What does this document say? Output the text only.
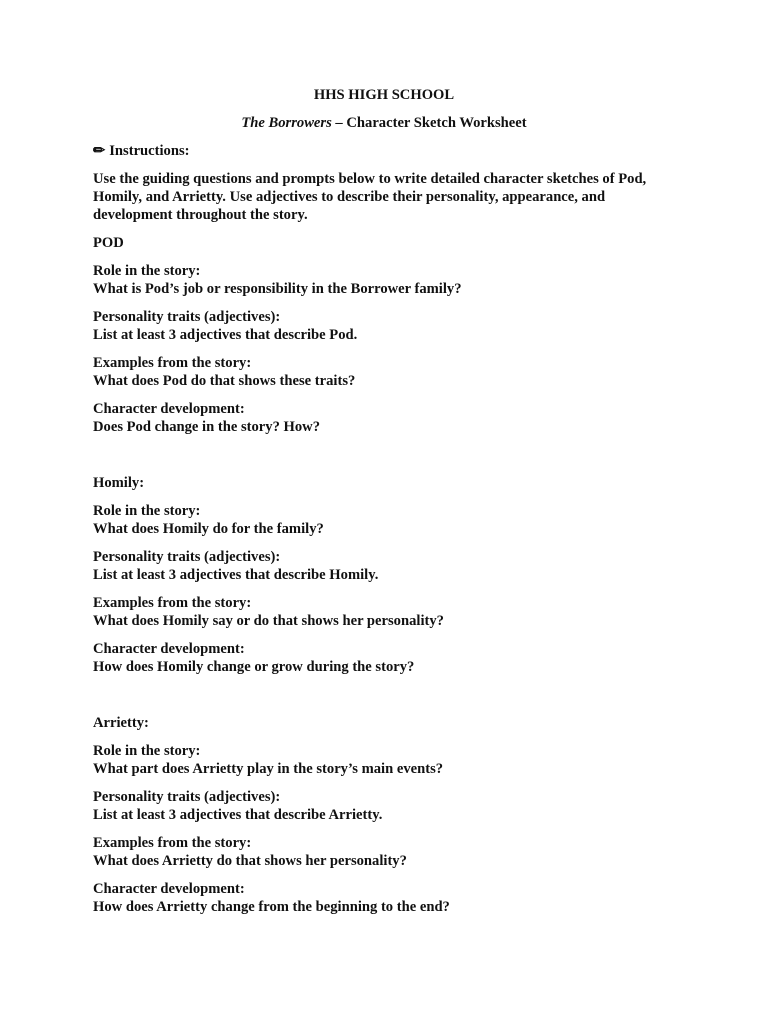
HHS HIGH SCHOOL
The Borrowers – Character Sketch Worksheet
✏ Instructions:
Use the guiding questions and prompts below to write detailed character sketches of Pod, Homily, and Arrietty. Use adjectives to describe their personality, appearance, and development throughout the story.
POD
Role in the story:
What is Pod’s job or responsibility in the Borrower family?
Personality traits (adjectives):
List at least 3 adjectives that describe Pod.
Examples from the story:
What does Pod do that shows these traits?
Character development:
Does Pod change in the story? How?
Homily:
Role in the story:
What does Homily do for the family?
Personality traits (adjectives):
List at least 3 adjectives that describe Homily.
Examples from the story:
What does Homily say or do that shows her personality?
Character development:
How does Homily change or grow during the story?
Arrietty:
Role in the story:
What part does Arrietty play in the story’s main events?
Personality traits (adjectives):
List at least 3 adjectives that describe Arrietty.
Examples from the story:
What does Arrietty do that shows her personality?
Character development:
How does Arrietty change from the beginning to the end?
